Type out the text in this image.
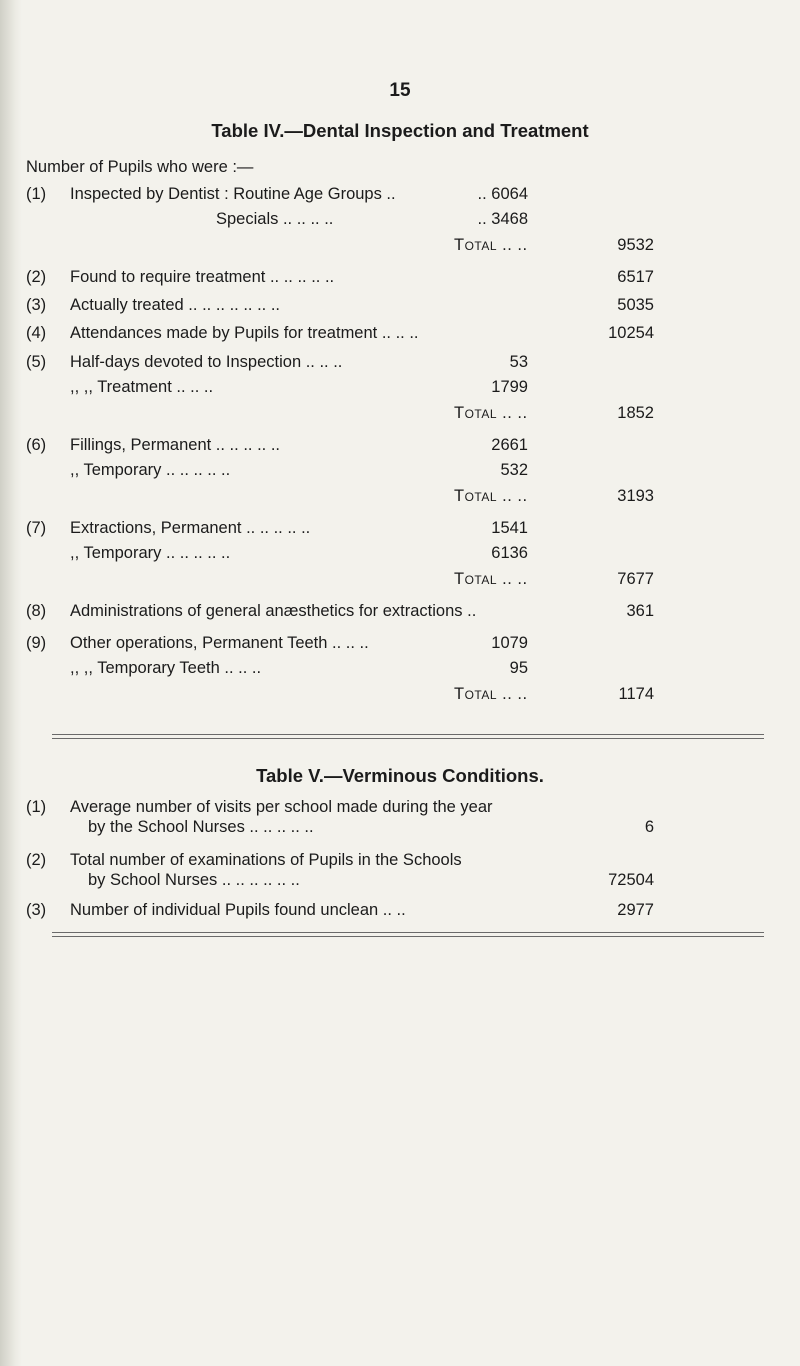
15
Table IV.—Dental Inspection and Treatment
Number of Pupils who were :—
(1) Inspected by Dentist : Routine Age Groups ..	.. 6064
Specials .. .. .. ..	.. 3468
Total .. ..	9532
(2) Found to require treatment .. .. .. .. ..	6517
(3) Actually treated .. .. .. .. .. .. ..	5035
(4) Attendances made by Pupils for treatment .. .. ..	10254
(5) Half-days devoted to Inspection .. .. ..	53
,, ,, Treatment .. .. ..	1799
Total .. ..	1852
(6) Fillings, Permanent .. .. .. .. ..	2661
,, Temporary .. .. .. .. ..	532
Total .. ..	3193
(7) Extractions, Permanent .. .. .. .. ..	1541
,, Temporary .. .. .. .. ..	6136
Total .. ..	7677
(8) Administrations of general anæsthetics for extractions ..	361
(9) Other operations, Permanent Teeth .. .. ..	1079
,, ,, Temporary Teeth .. .. ..	95
Total .. ..	1174
Table V.—Verminous Conditions.
(1) Average number of visits per school made during the year
by the School Nurses .. .. .. .. ..	6
(2) Total number of examinations of Pupils in the Schools
by School Nurses .. .. .. .. .. ..	72504
(3) Number of individual Pupils found unclean .. ..	2977
